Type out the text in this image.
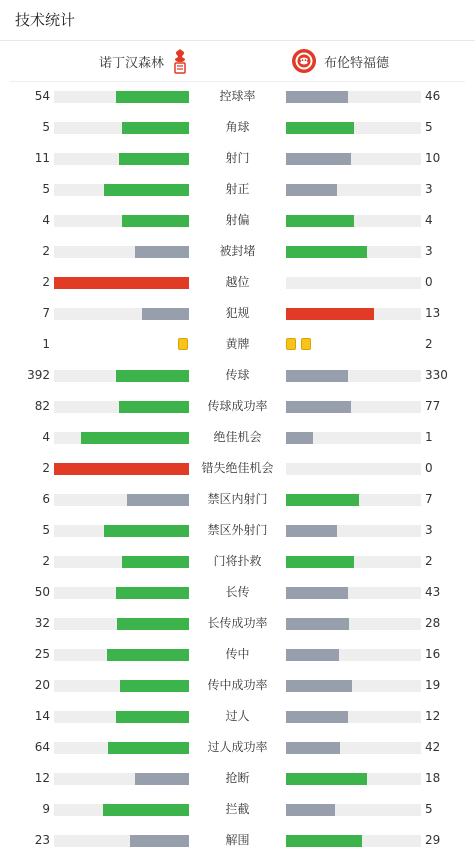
技术统计
诺丁汉森林	布伦特福德
54	控球率	46
5	角球	5
11	射门	10
5	射正	3
4	射偏	4
2	被封堵	3
2	越位	0
7	犯规	13
1	黄牌	2
392	传球	330
82	传球成功率	77
4	绝佳机会	1
2	错失绝佳机会	0
6	禁区内射门	7
5	禁区外射门	3
2	门将扑救	2
50	长传	43
32	长传成功率	28
25	传中	16
20	传中成功率	19
14	过人	12
64	过人成功率	42
12	抢断	18
9	拦截	5
23	解围	29
